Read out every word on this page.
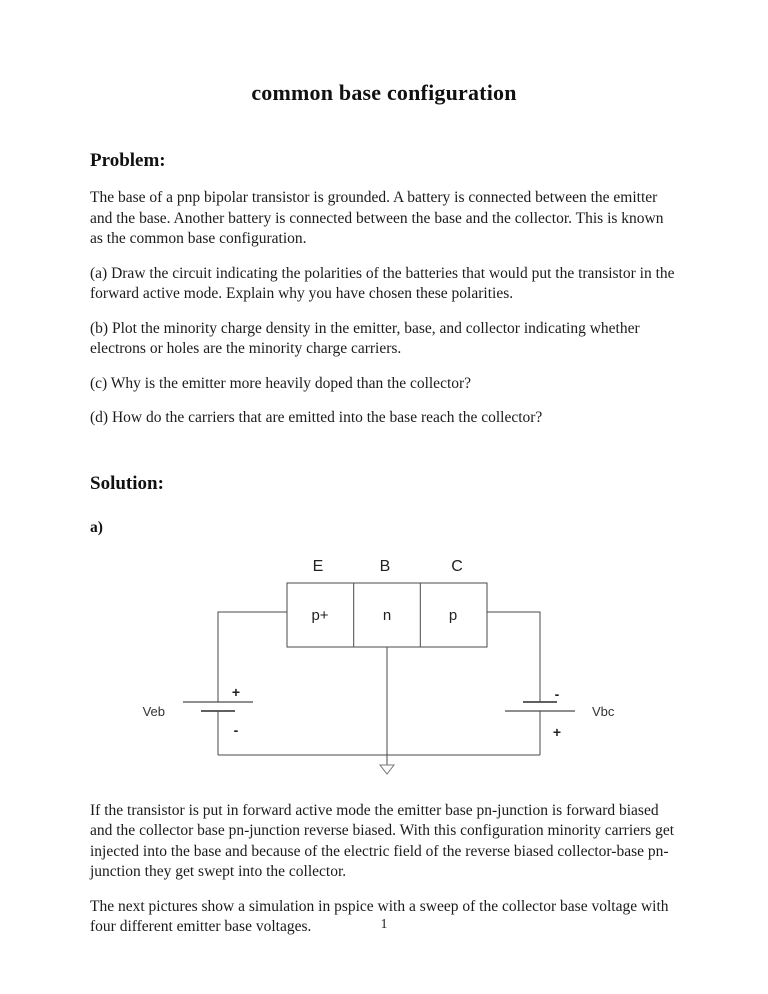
common base configuration
Problem:

The base of a pnp bipolar transistor is grounded. A battery is connected between the emitter and the base. Another battery is connected between the base and the collector. This is known as the common base configuration.

(a) Draw the circuit indicating the polarities of the batteries that would put the transistor in the forward active mode. Explain why you have chosen these polarities.

(b) Plot the minority charge density in the emitter, base, and collector indicating whether electrons or holes are the minority charge carriers.

(c) Why is the emitter more heavily doped than the collector?

(d) How do the carriers that are emitted into the base reach the collector?

Solution:

a)

E	B	C
p+	n	p
Veb
+
-
-
+
Vbc

If the transistor is put in forward active mode the emitter base pn-junction is forward biased and the collector base pn-junction reverse biased. With this configuration minority carriers get injected into the base and because of the electric field of the reverse biased collector-base pn-junction they get swept into the collector.

The next pictures show a simulation in pspice with a sweep of the collector base voltage with four different emitter base voltages.	1
